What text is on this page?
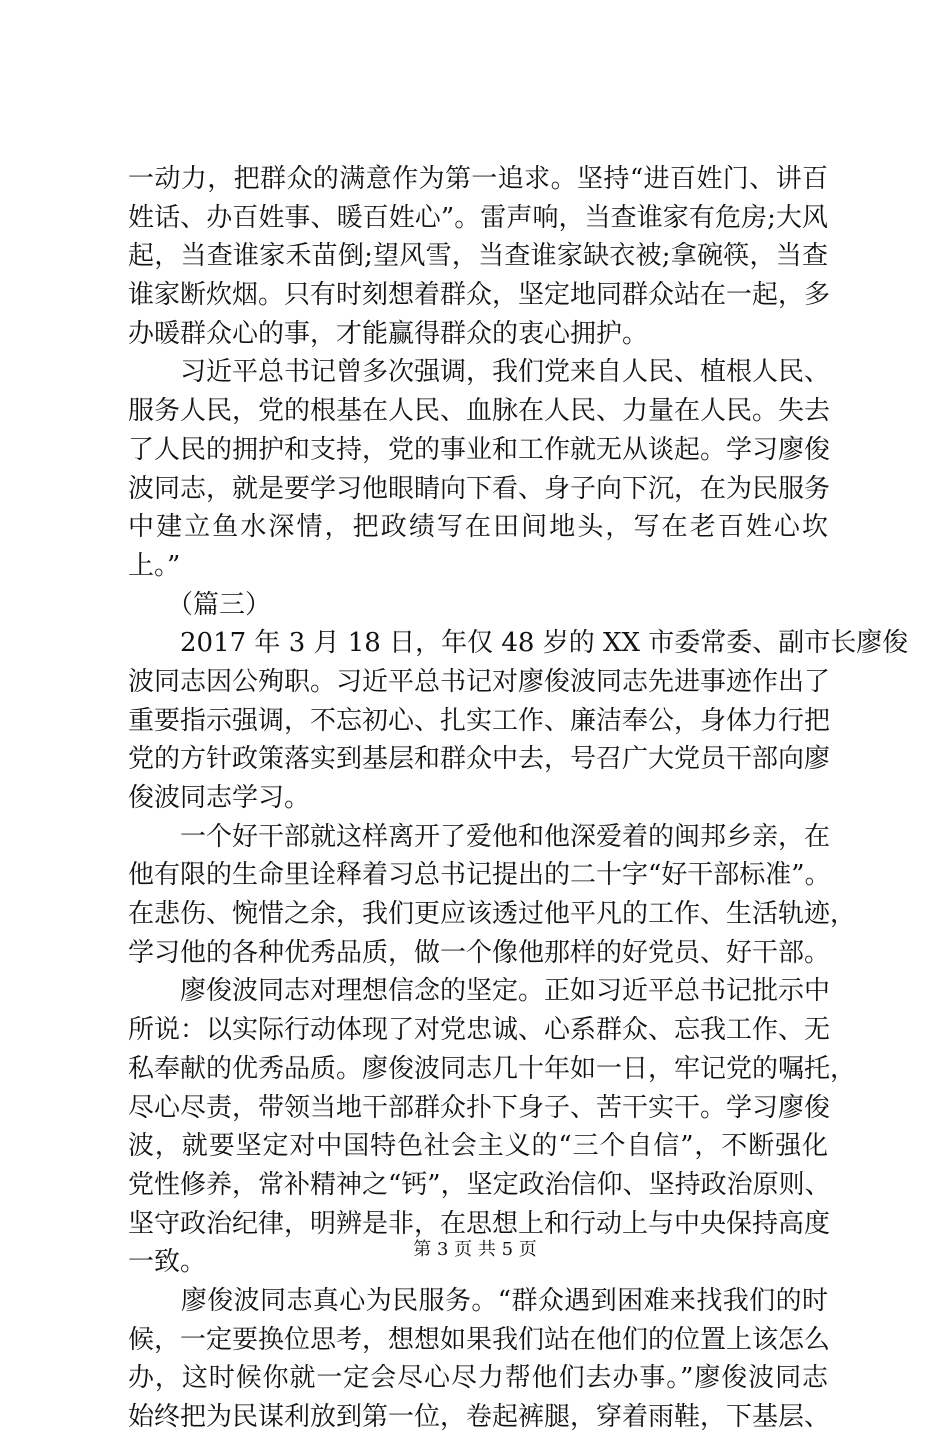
一动力，把群众的满意作为第一追求。坚持“进百姓门、讲百
姓话、办百姓事、暖百姓心”。雷声响，当查谁家有危房;大风
起，当查谁家禾苗倒;望风雪，当查谁家缺衣被;拿碗筷，当查
谁家断炊烟。只有时刻想着群众，坚定地同群众站在一起，多
办暖群众心的事，才能赢得群众的衷心拥护。
　　习近平总书记曾多次强调，我们党来自人民、植根人民、
服务人民，党的根基在人民、血脉在人民、力量在人民。失去
了人民的拥护和支持，党的事业和工作就无从谈起。学习廖俊
波同志，就是要学习他眼睛向下看、身子向下沉，在为民服务
中建立鱼水深情，把政绩写在田间地头，写在老百姓心坎
上。”
　　（篇三）
　　2017 年 3 月 18 日，年仅 48 岁的 XX 市委常委、副市长廖俊
波同志因公殉职。习近平总书记对廖俊波同志先进事迹作出了
重要指示强调，不忘初心、扎实工作、廉洁奉公，身体力行把
党的方针政策落实到基层和群众中去，号召广大党员干部向廖
俊波同志学习。
　　一个好干部就这样离开了爱他和他深爱着的闽邦乡亲，在
他有限的生命里诠释着习总书记提出的二十字“好干部标准”。
在悲伤、惋惜之余，我们更应该透过他平凡的工作、生活轨迹，
学习他的各种优秀品质，做一个像他那样的好党员、好干部。
　　廖俊波同志对理想信念的坚定。正如习近平总书记批示中
所说：以实际行动体现了对党忠诚、心系群众、忘我工作、无
私奉献的优秀品质。廖俊波同志几十年如一日，牢记党的嘱托，
尽心尽责，带领当地干部群众扑下身子、苦干实干。学习廖俊
波，就要坚定对中国特色社会主义的“三个自信”，不断强化
党性修养，常补精神之“钙”，坚定政治信仰、坚持政治原则、
坚守政治纪律，明辨是非，在思想上和行动上与中央保持高度
一致。
　　廖俊波同志真心为民服务。“群众遇到困难来找我们的时
候，一定要换位思考，想想如果我们站在他们的位置上该怎么
办，这时候你就一定会尽心尽力帮他们去办事。”廖俊波同志
始终把为民谋利放到第一位，卷起裤腿，穿着雨鞋，下基层、
第 3 页 共 5 页
